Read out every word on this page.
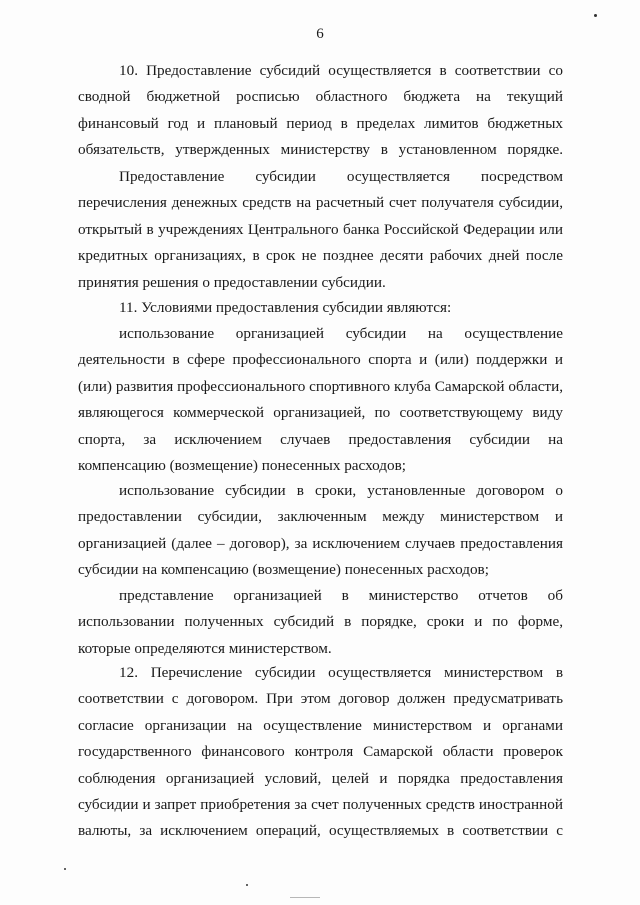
6
10. Предоставление субсидий осуществляется в соответствии со
сводной бюджетной росписью областного бюджета на текущий
финансовый год и плановый период в пределах лимитов бюджетных
обязательств, утвержденных министерству в установленном порядке.
Предоставление субсидии осуществляется посредством
перечисления денежных средств на расчетный счет получателя субсидии,
открытый в учреждениях Центрального банка Российской Федерации или
кредитных организациях, в срок не позднее десяти рабочих дней после
принятия решения о предоставлении субсидии.
11. Условиями предоставления субсидии являются:
использование организацией субсидии на осуществление
деятельности в сфере профессионального спорта и (или) поддержки и
(или) развития профессионального спортивного клуба Самарской области,
являющегося коммерческой организацией, по соответствующему виду
спорта, за исключением случаев предоставления субсидии на
компенсацию (возмещение) понесенных расходов;
использование субсидии в сроки, установленные договором о
предоставлении субсидии, заключенным между министерством и
организацией (далее – договор), за исключением случаев предоставления
субсидии на компенсацию (возмещение) понесенных расходов;
представление организацией в министерство отчетов об
использовании полученных субсидий в порядке, сроки и по форме,
которые определяются министерством.
12. Перечисление субсидии осуществляется министерством в
соответствии с договором. При этом договор должен предусматривать
согласие организации на осуществление министерством и органами
государственного финансового контроля Самарской области проверок
соблюдения организацией условий, целей и порядка предоставления
субсидии и запрет приобретения за счет полученных средств иностранной
валюты, за исключением операций, осуществляемых в соответствии с
